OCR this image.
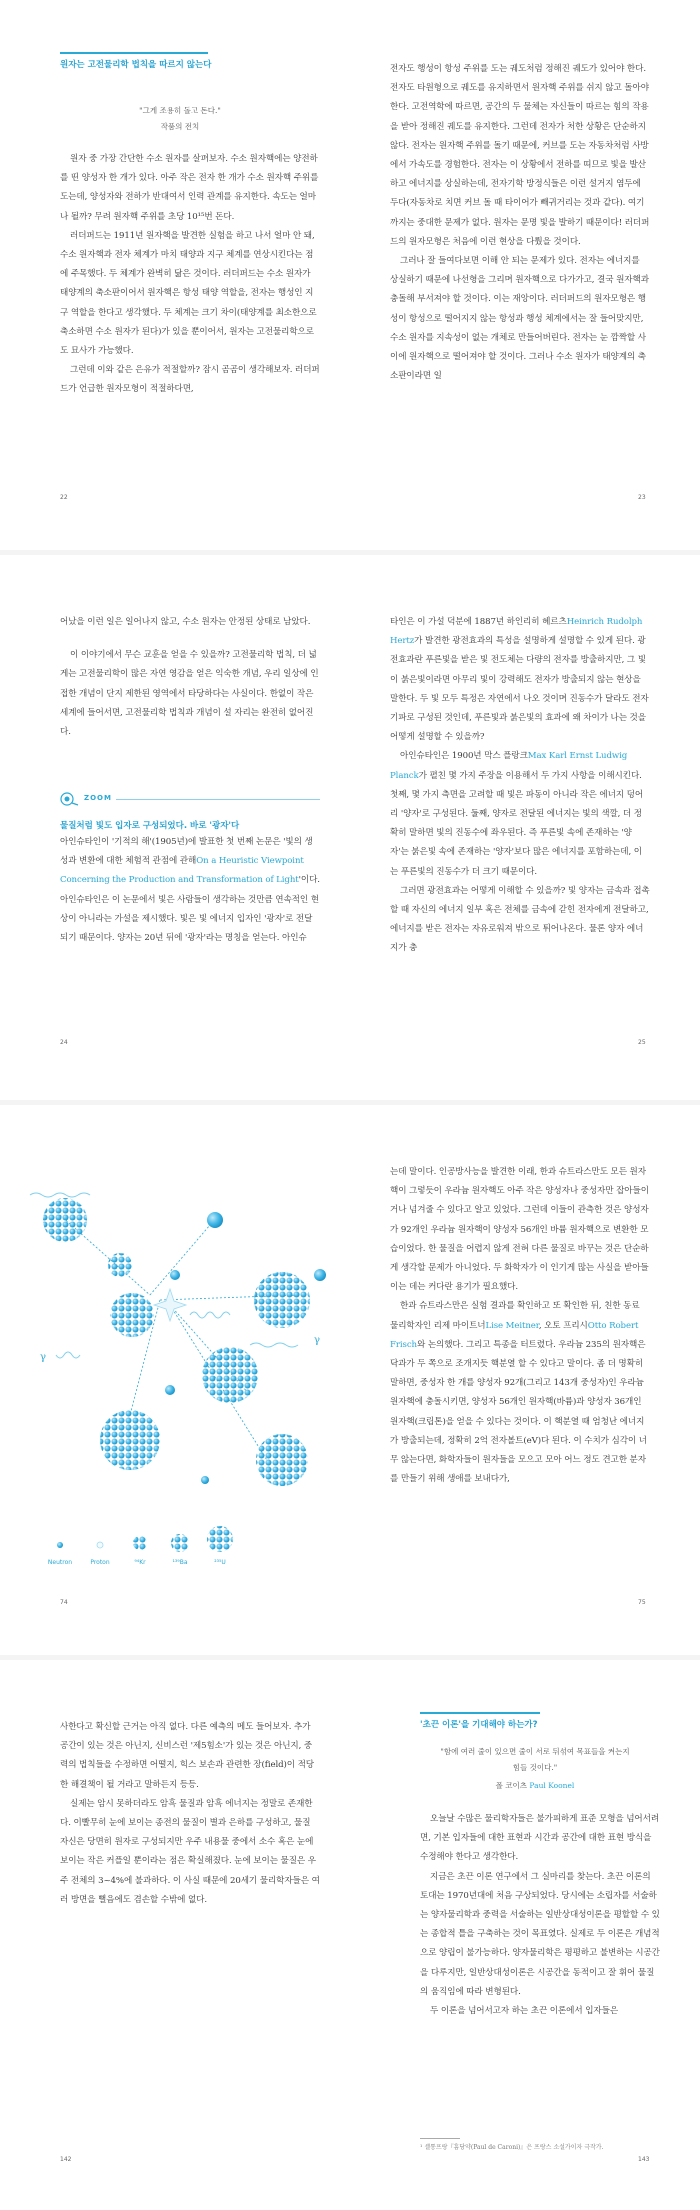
원자는 고전물리학 법칙을 따르지 않는다
"그게 조용히 돌고 돈다."
작품의 전치

원자 중 가장 간단한 수소 원자를 살펴보자. 수소 원자핵에는 양전하를 띤 양성자 한 개가 있다. 아주 작은 전자 한 개가 수소 원자핵 주위를 도는데, 양성자와 전하가 반대여서 인력 관계를 유지한다. 속도는 얼마나 될까? 무려 원자핵 주위를 초당 10¹⁵번 돈다.

러더퍼드는 1911년 원자핵을 발견한 실험을 하고 나서 얼마 안 돼, 수소 원자핵과 전자 체계가 마치 태양과 지구 체계를 연상시킨다는 점에 주목했다. 두 체계가 완벽히 닮은 것이다. 러더퍼드는 수소 원자가 태양계의 축소판이어서 원자핵은 항성 태양 역할을, 전자는 행성인 지구 역할을 한다고 생각했다. 두 체계는 크기 차이(태양계를 최소한으로 축소하면 수소 원자가 된다)가 있을 뿐이어서, 원자는 고전물리학으로도 묘사가 가능했다.

그런데 이와 같은 은유가 적절할까? 잠시 곰곰이 생각해보자. 러더퍼드가 언급한 원자모형이 적절하다면,

22

전자도 행성이 항성 주위를 도는 궤도처럼 정해진 궤도가 있어야 한다. 전자도 타원형으로 궤도를 유지하면서 원자핵 주위를 쉬지 않고 돌아야 한다. 고전역학에 따르면, 공간의 두 물체는 자신들이 따르는 힘의 작용을 받아 정해진 궤도를 유지한다. 그런데 전자가 처한 상황은 단순하지 않다. 전자는 원자핵 주위를 돌기 때문에, 커브를 도는 자동차처럼 사방에서 가속도를 경험한다. 전자는 이 상황에서 전하를 띠므로 빛을 발산하고 에너지를 상실하는데, 전자기학 방정식들은 이런 설거지 염두에 두다(자동차로 치면 커브 돌 때 타이어가 빼귀거리는 것과 같다). 여기까지는 중대한 문제가 없다. 원자는 문명 빛을 발하기 때문이다! 러더퍼드의 원자모형은 처음에 이런 현상을 다뤘을 것이다.

그러나 잘 들여다보면 이해 안 되는 문제가 있다. 전자는 에너지를 상실하기 때문에 나선형을 그리며 원자핵으로 다가가고, 결국 원자핵과 충돌해 부서져야 할 것이다. 이는 재앙이다. 러더퍼드의 원자모형은 행성이 항성으로 떨어지지 않는 항성과 행성 체계에서는 잘 들어맞지만, 수소 원자를 지속성이 없는 개체로 만들어버린다. 전자는 눈 깜짝할 사이에 원자핵으로 떨어져야 할 것이다. 그러나 수소 원자가 태양계의 축소판이라면 일

23

어났을 이런 일은 일어나지 않고, 수소 원자는 안정된 상태로 남았다.

이 이야기에서 무슨 교훈을 얻을 수 있을까? 고전물리학 법칙, 더 넓게는 고전물리학이 많은 자연 영감을 얻은 익숙한 개념, 우리 일상에 인접한 개념이 단지 제한된 영역에서 타당하다는 사실이다. 한없이 작은 세계에 들어서면, 고전물리학 법칙과 개념이 설 자리는 완전히 없어진다.

ZOOM
물질처럼 빛도 입자로 구성되었다. 바로 '광자'다

아인슈타인이 '기적의 해'(1905년)에 발표한 첫 번째 논문은 '빛의 생성과 변환에 대한 체험적 관점에 관해On a Heuristic Viewpoint Concerning the Production and Transformation of Light'이다. 아인슈타인은 이 논문에서 빛은 사람들이 생각하는 것만큼 연속적인 현상이 아니라는 가설을 제시했다. 빛은 빛 에너지 입자인 '광자'로 전달되기 때문이다. 양자는 20년 뒤에 '광자'라는 명칭을 얻는다. 아인슈

24

타인은 이 가설 덕분에 1887년 하인리히 헤르츠Heinrich Rudolph Hertz가 발견한 광전효과의 특성을 설명하게 설명할 수 있게 된다. 광전효과란 푸른빛을 받은 빛 전도체는 다량의 전자를 방출하지만, 그 빛이 붉은빛이라면 아무리 빛이 강력해도 전자가 방출되지 않는 현상을 말한다. 두 빛 모두 특정은 자연에서 나오 것이며 진동수가 달라도 전자기파로 구성된 것인데, 푸른빛과 붉은빛의 효과에 왜 차이가 나는 것을 어떻게 설명할 수 있을까?

아인슈타인은 1900년 막스 플랑크Max Karl Ernst Ludwig Planck가 펼친 몇 가지 주장을 이용해서 두 가지 사항을 이해시킨다. 첫째, 몇 가지 측면을 고려할 때 빛은 파동이 아니라 작은 에너지 덩어리 '양자'로 구성된다. 둘째, 양자로 전달된 에너지는 빛의 색깔, 더 정확히 말하면 빛의 진동수에 좌우된다. 즉 푸른빛 속에 존재하는 '양자'는 붉은빛 속에 존재하는 '양자'보다 많은 에너지를 포함하는데, 이는 푸른빛의 진동수가 더 크기 때문이다.

그러면 광전효과는 어떻게 이해할 수 있을까? 빛 양자는 금속과 접촉할 때 자신의 에너지 일부 혹은 전체를 금속에 갇힌 전자에게 전달하고, 에너지를 받은 전자는 자유로워져 밖으로 튀어나온다. 물론 양자 에너지가 충

25
γ
γ
Neutron	Proton	⁹⁴Kr	¹³⁹Ba	²³⁵U
74

는데 말이다. 인공방사능을 발견한 이래, 한과 슈트라스만도 모든 원자핵이 그렇듯이 우라늄 원자핵도 아주 작은 양성자나 중성자만 잡아들이거나 넘겨줄 수 있다고 알고 있었다. 그런데 이들이 관측한 것은 양성자가 92개인 우라늄 원자핵이 양성자 56개인 바륨 원자핵으로 변환한 모습이었다. 한 물질을 어렵지 않게 전혀 다른 물질로 바꾸는 것은 단순하게 생각할 문제가 아니었다. 두 화학자가 이 인기게 많는 사실을 받아들이는 데는 커다란 용기가 필요했다.

한과 슈트라스만은 실험 결과를 확인하고 또 확인한 뒤, 친한 동료 물리학자인 리제 마이트너Lise Meitner, 오토 프리시Otto Robert Frisch와 논의했다. 그리고 특종을 터트렸다. 우라늄 235의 원자핵은 닥과가 두 쪽으로 조개지듯 핵분열 할 수 있다고 말이다. 좀 더 명확히 말하면, 중성자 한 개를 양성자 92개(그리고 143개 중성자)인 우라늄 원자핵에 충돌시키면, 양성자 56개인 원자핵(바륨)과 양성자 36개인 원자핵(크립톤)을 얻을 수 있다는 것이다. 이 핵분열 때 엄청난 에너지가 방출되는데, 정확히 2억 전자볼트(eV)다 된다. 이 수치가 심각이 너무 않는다면, 화학자들이 원자들을 모으고 모아 어느 정도 견고한 분자를 만들기 위해 생애를 보내다가,

75

사한다고 확신할 근거는 아직 없다. 다른 예측의 메도 들어보자. 추가 공간이 있는 것은 아닌지, 신비스런 '제5힘소'가 있는 것은 아닌지, 중력의 법칙들을 수정하면 어떨지, 힉스 보손과 관련한 장(field)이 적당한 해결책이 될 거라고 말하든지 등등.

실제는 암시 못하더라도 암흑 물질과 암흑 에너지는 정말로 존재한다. 이빨무히 눈에 보이는 종전의 물질이 별과 은하를 구성하고, 물질 자신은 당면히 원자로 구성되지만 우주 내용물 중에서 소수 혹은 눈에 보이는 작은 커플일 뿐이라는 점은 확실해졌다. 눈에 보이는 물질은 우주 전체의 3~4%에 불과하다. 이 사실 때문에 20세기 물리학자들은 여러 방면을 뻘음에도 겸손할 수밖에 없다.

142
'초끈 이론'을 기대해야 하는가?
"함에 여러 줄이 있으면 줄이 서로 뒤섞여 목표들을 켜는지 힘들 것이다."
폴 코이츠 Paul Koonel

오늘날 수많은 물리학자들은 불가피하게 표준 모형을 넘어서려면, 기본 입자들에 대한 표현과 시간과 공간에 대한 표현 방식을 수정해야 한다고 생각한다.

지금은 초끈 이론 연구에서 그 실마리를 찾는다. 초끈 이론의 토대는 1970년대에 처음 구상되었다. 당시에는 소립자를 서술하는 양자물리학과 중력을 서술하는 일반상대성이론을 평할할 수 있는 종합적 틀을 구축하는 것이 목표였다. 실제로 두 이론은 개념적으로 양립이 불가능하다. 양자물리학은 평평하고 불변하는 시공간을 다루지만, 일반상대성이론은 시공간을 동적이고 잘 휘어 물질의 움직임에 따라 변형된다.

두 이론을 넘어서고자 하는 초끈 이론에서 입자들은

¹ 셸통프랑『흠당약(Paul de Caroni)』은 프랑스 소설가이자 극작가.
143
